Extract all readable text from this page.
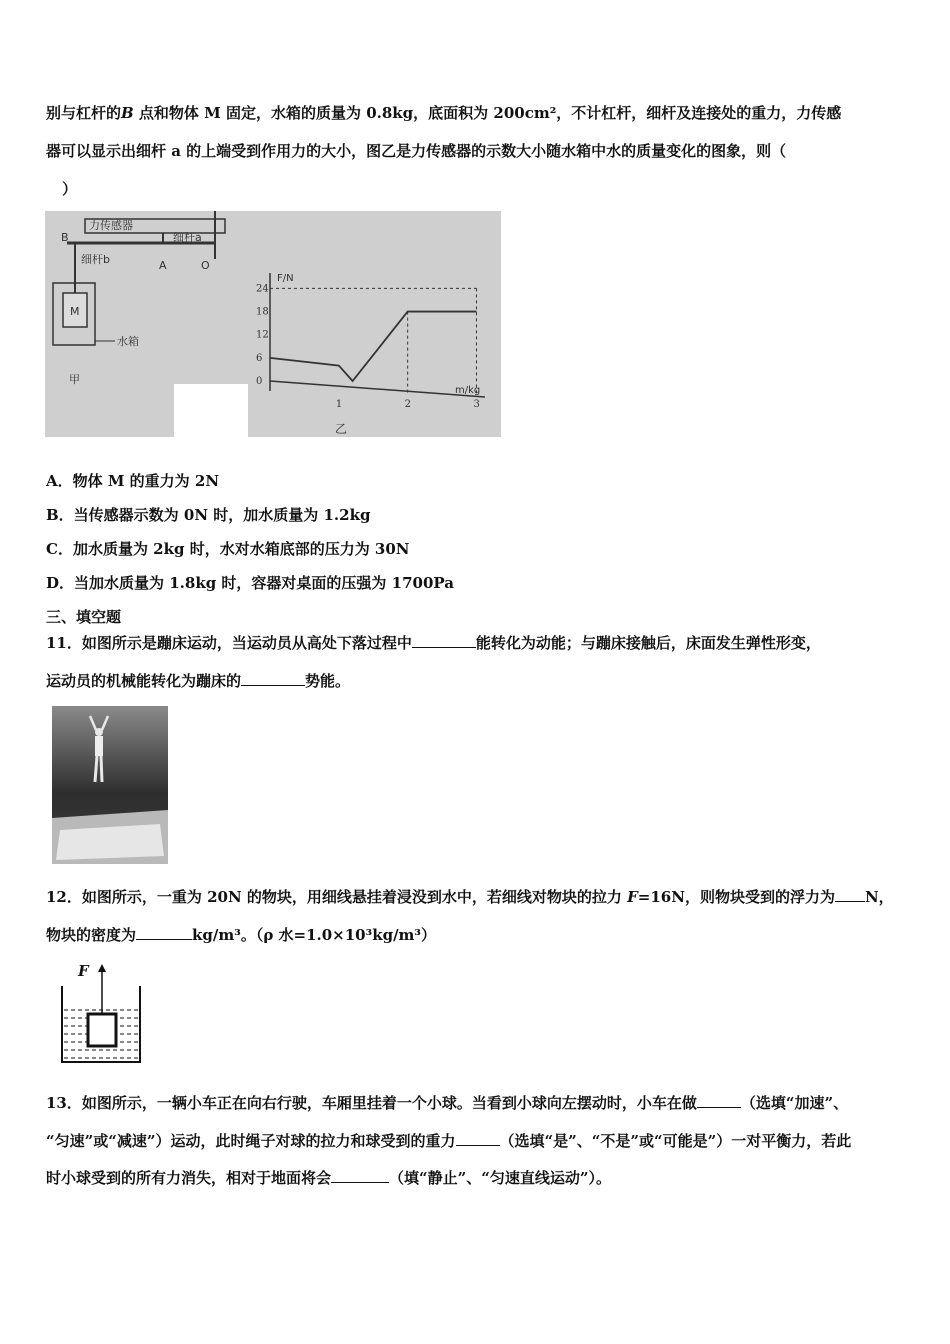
别与杠杆的B 点和物体 M 固定，水箱的质量为 0.8kg，底面积为 200cm²，不计杠杆，细杆及连接处的重力，力传感
器可以显示出细杆 a 的上端受到作用力的大小，图乙是力传感器的示数大小随水箱中水的质量变化的图象，则（
）
力传感器
细杆a
细杆b
B
A	O
M
水箱
甲
F/N
m/kg
乙
24
18
12
6
0
1	2	3
A．物体 M 的重力为 2N
B．当传感器示数为 0N 时，加水质量为 1.2kg
C．加水质量为 2kg 时，水对水箱底部的压力为 30N
D．当加水质量为 1.8kg 时，容器对桌面的压强为 1700Pa
三、填空题
11．如图所示是蹦床运动，当运动员从高处下落过程中	能转化为动能；与蹦床接触后，床面发生弹性形变，
运动员的机械能转化为蹦床的	势能。
12．如图所示，一重为 20N 的物块，用细线悬挂着浸没到水中，若细线对物块的拉力 F=16N，则物块受到的浮力为 N，
物块的密度为	kg/m³。（ρ 水=1.0×10³kg/m³）
F
13．如图所示，一辆小车正在向右行驶，车厢里挂着一个小球。当看到小球向左摆动时，小车在做	（选填“加速”、
“匀速”或“减速”）运动，此时绳子对球的拉力和球受到的重力	（选填“是”、“不是”或“可能是”）一对平衡力，若此
时小球受到的所有力消失，相对于地面将会	（填“静止”、“匀速直线运动”）。
